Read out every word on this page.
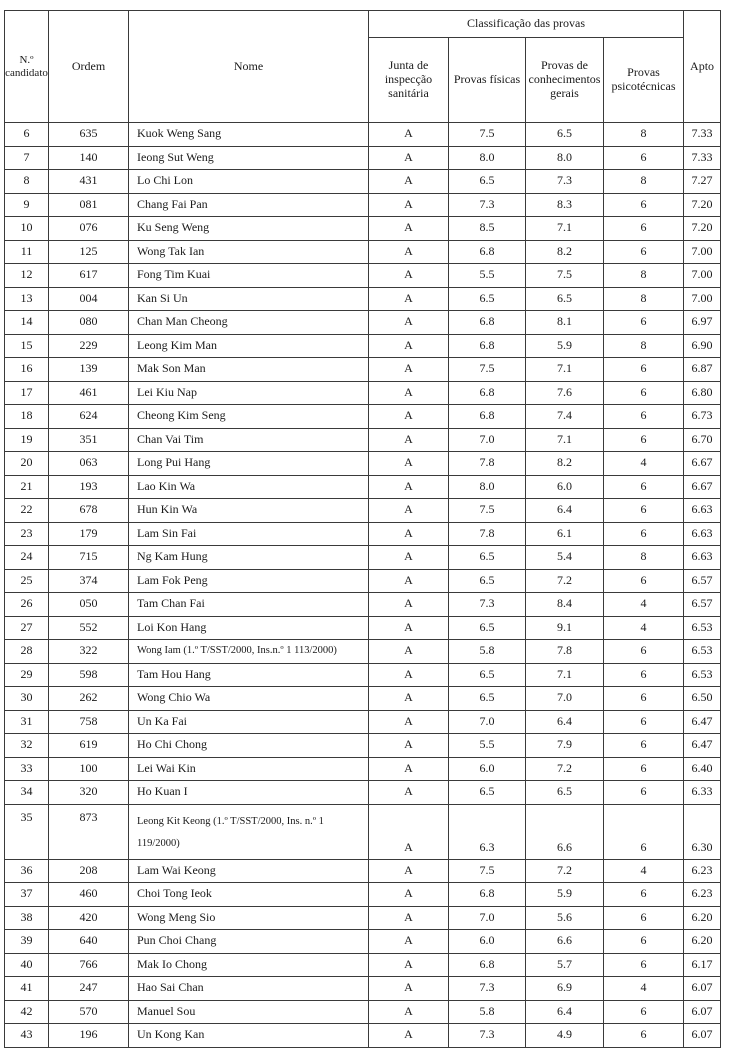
N.º candidato	Ordem	Nome	Classificação das provas				Apto
			Junta de inspecção sanitária	Provas físicas	Provas de conhecimentos gerais	Provas psicotécnicas	
6	635	Kuok Weng Sang	A	7.5	6.5	8	7.33
7	140	Ieong Sut Weng	A	8.0	8.0	6	7.33
8	431	Lo Chi Lon	A	6.5	7.3	8	7.27
9	081	Chang Fai Pan	A	7.3	8.3	6	7.20
10	076	Ku Seng Weng	A	8.5	7.1	6	7.20
11	125	Wong Tak Ian	A	6.8	8.2	6	7.00
12	617	Fong Tim Kuai	A	5.5	7.5	8	7.00
13	004	Kan Si Un	A	6.5	6.5	8	7.00
14	080	Chan Man Cheong	A	6.8	8.1	6	6.97
15	229	Leong Kim Man	A	6.8	5.9	8	6.90
16	139	Mak Son Man	A	7.5	7.1	6	6.87
17	461	Lei Kiu Nap	A	6.8	7.6	6	6.80
18	624	Cheong Kim Seng	A	6.8	7.4	6	6.73
19	351	Chan Vai Tim	A	7.0	7.1	6	6.70
20	063	Long Pui Hang	A	7.8	8.2	4	6.67
21	193	Lao Kin Wa	A	8.0	6.0	6	6.67
22	678	Hun Kin Wa	A	7.5	6.4	6	6.63
23	179	Lam Sin Fai	A	7.8	6.1	6	6.63
24	715	Ng Kam Hung	A	6.5	5.4	8	6.63
25	374	Lam Fok Peng	A	6.5	7.2	6	6.57
26	050	Tam Chan Fai	A	7.3	8.4	4	6.57
27	552	Loi Kon Hang	A	6.5	9.1	4	6.53
28	322	Wong Iam (1.º T/SST/2000, Ins.n.º 1 113/2000)	A	5.8	7.8	6	6.53
29	598	Tam Hou Hang	A	6.5	7.1	6	6.53
30	262	Wong Chio Wa	A	6.5	7.0	6	6.50
31	758	Un Ka Fai	A	7.0	6.4	6	6.47
32	619	Ho Chi Chong	A	5.5	7.9	6	6.47
33	100	Lei Wai Kin	A	6.0	7.2	6	6.40
34	320	Ho Kuan I	A	6.5	6.5	6	6.33
35	873	Leong Kit Keong (1.º T/SST/2000, Ins. n.º 1 119/2000)	A	6.3	6.6	6	6.30
36	208	Lam Wai Keong	A	7.5	7.2	4	6.23
37	460	Choi Tong Ieok	A	6.8	5.9	6	6.23
38	420	Wong Meng Sio	A	7.0	5.6	6	6.20
39	640	Pun Choi Chang	A	6.0	6.6	6	6.20
40	766	Mak Io Chong	A	6.8	5.7	6	6.17
41	247	Hao Sai Chan	A	7.3	6.9	4	6.07
42	570	Manuel Sou	A	5.8	6.4	6	6.07
43	196	Un Kong Kan	A	7.3	4.9	6	6.07
